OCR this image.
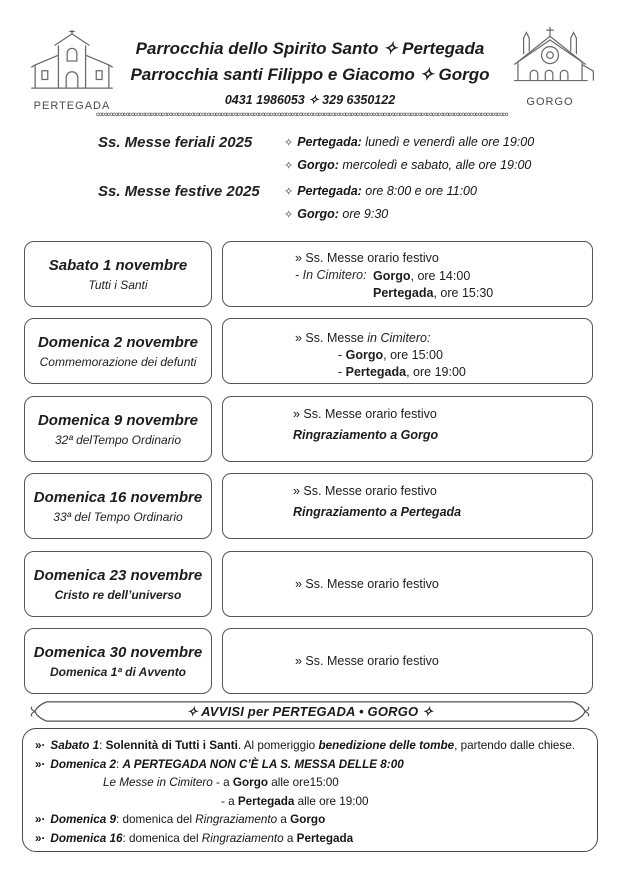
PERTEGADA	GORGO
Parrocchia dello Spirito Santo ✧ Pertegada
Parrocchia santi Filippo e Giacomo ✧ Gorgo
0431 1986053 ✧ 329 6350122
∞∞∞∞∞∞∞∞∞∞∞∞∞∞∞∞∞∞∞∞∞∞∞∞∞∞∞∞∞∞∞∞∞∞∞∞∞∞∞∞∞∞∞∞∞∞∞∞∞∞∞∞∞∞∞∞∞∞∞∞∞∞∞∞∞∞∞∞∞∞∞∞∞∞∞∞
Ss. Messe feriali 2025	✧ Pertegada: lunedì e venerdì alle ore 19:00
✧ Gorgo: mercoledì e sabato, alle ore 19:00
Ss. Messe festive 2025	✧ Pertegada: ore 8:00 e ore 11:00
✧ Gorgo: ore 9:30
Sabato 1 novembre
Tutti i Santi
» Ss. Messe orario festivo
- In Cimitero: Gorgo, ore 14:00
Pertegada, ore 15:30
Domenica 2 novembre
Commemorazione dei defunti
» Ss. Messe in Cimitero:
- Gorgo, ore 15:00
- Pertegada, ore 19:00
Domenica 9 novembre
32ª delTempo Ordinario
» Ss. Messe orario festivo
Ringraziamento a Gorgo
Domenica 16 novembre
33ª del Tempo Ordinario
» Ss. Messe orario festivo
Ringraziamento a Pertegada
Domenica 23 novembre
Cristo re dell’universo
» Ss. Messe orario festivo
Domenica 30 novembre
Domenica 1ª di Avvento
» Ss. Messe orario festivo
✧ AVVISI per PERTEGADA • GORGO ✧
»· Sabato 1: Solennità di Tutti i Santi. Al pomeriggio benedizione delle tombe, partendo dalle chiese.
»· Domenica 2: A PERTEGADA NON C’È LA S. MESSA DELLE 8:00
Le Messe in Cimitero - a Gorgo alle ore15:00
- a Pertegada alle ore 19:00
»· Domenica 9: domenica del Ringraziamento a Gorgo
»· Domenica 16: domenica del Ringraziamento a Pertegada
